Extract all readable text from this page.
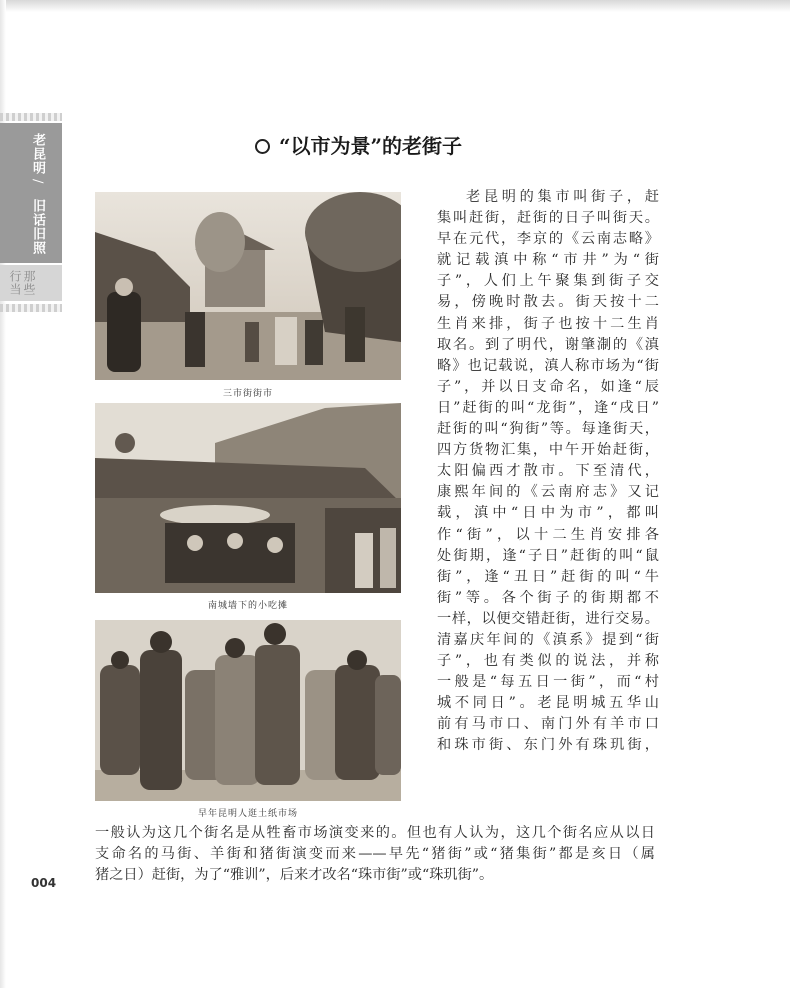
老昆明
/
旧话旧照
那些
行当
“以市为景”的老街子
三市街街市
南城墙下的小吃摊
早年昆明人逛土纸市场

老昆明的集市叫街子，赶

集叫赶街，赶街的日子叫街天。

早在元代，李京的《云南志略》

就记载滇中称“市井”为“街

子”，人们上午聚集到街子交

易，傍晚时散去。街天按十二

生肖来排，街子也按十二生肖

取名。到了明代，谢肇淛的《滇

略》也记载说，滇人称市场为“街

子”，并以日支命名，如逢“辰

日”赶街的叫“龙街”，逢“戌日”

赶街的叫“狗街”等。每逢街天，

四方货物汇集，中午开始赶街，

太阳偏西才散市。下至清代，

康熙年间的《云南府志》又记

载，滇中“日中为市”，都叫

作“街”，以十二生肖安排各

处街期，逢“子日”赶街的叫“鼠

街”，逢“丑日”赶街的叫“牛

街”等。各个街子的街期都不

一样，以便交错赶街，进行交易。

清嘉庆年间的《滇系》提到“街

子”，也有类似的说法，并称

一般是“每五日一街”，而“村

城不同日”。老昆明城五华山

前有马市口、南门外有羊市口

和珠市街、东门外有珠玑街，

一般认为这几个街名是从牲畜市场演变来的。但也有人认为，这几个街名应从以日

支命名的马街、羊街和猪街演变而来——早先“猪街”或“猪集街”都是亥日（属

猪之日）赶街，为了“雅训”，后来才改名“珠市街”或“珠玑街”。

004
